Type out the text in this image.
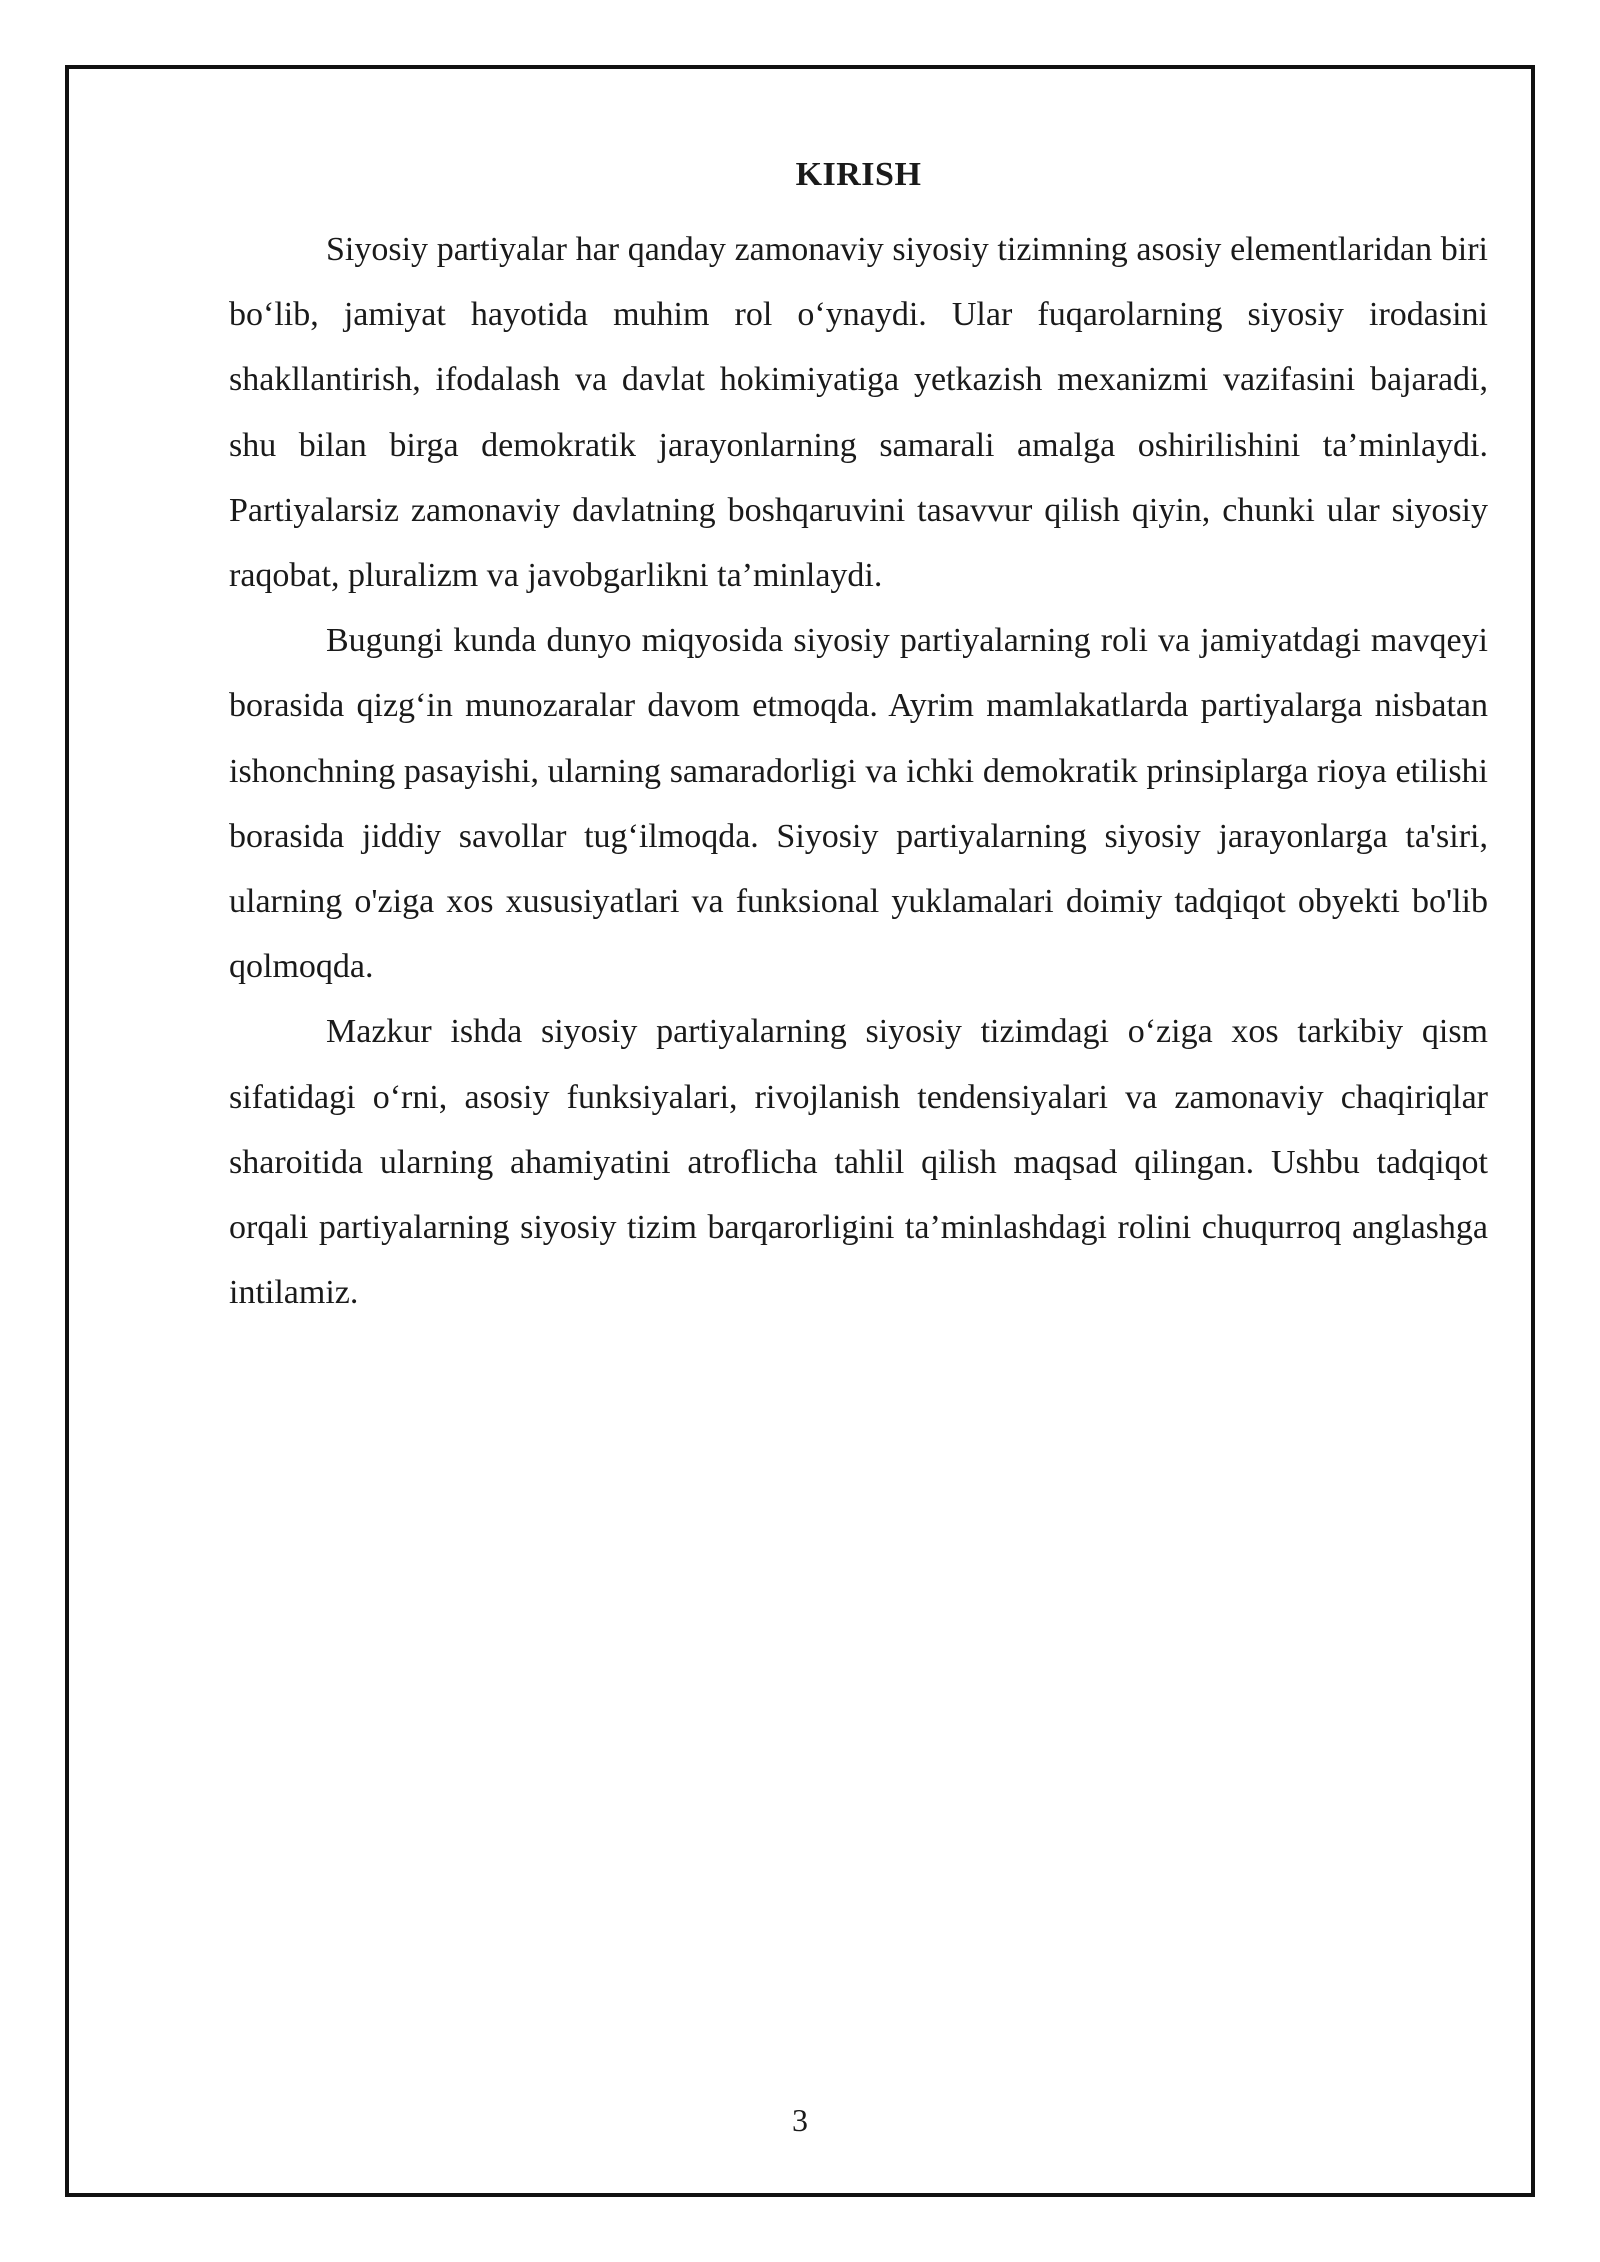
KIRISH

Siyosiy partiyalar har qanday zamonaviy siyosiy tizimning asosiy elementlaridan biri bo‘lib, jamiyat hayotida muhim rol o‘ynaydi. Ular fuqarolarning siyosiy irodasini shakllantirish, ifodalash va davlat hokimiyatiga yetkazish mexanizmi vazifasini bajaradi, shu bilan birga demokratik jarayonlarning samarali amalga oshirilishini ta’minlaydi. Partiyalarsiz zamonaviy davlatning boshqaruvini tasavvur qilish qiyin, chunki ular siyosiy raqobat, pluralizm va javobgarlikni ta’minlaydi.

Bugungi kunda dunyo miqyosida siyosiy partiyalarning roli va jamiyatdagi mavqeyi borasida qizg‘in munozaralar davom etmoqda. Ayrim mamlakatlarda partiyalarga nisbatan ishonchning pasayishi, ularning samaradorligi va ichki demokratik prinsiplarga rioya etilishi borasida jiddiy savollar tug‘ilmoqda. Siyosiy partiyalarning siyosiy jarayonlarga ta'siri, ularning o'ziga xos xususiyatlari va funksional yuklamalari doimiy tadqiqot obyekti bo'lib qolmoqda.

Mazkur ishda siyosiy partiyalarning siyosiy tizimdagi o‘ziga xos tarkibiy qism sifatidagi o‘rni, asosiy funksiyalari, rivojlanish tendensiyalari va zamonaviy chaqiriqlar sharoitida ularning ahamiyatini atroflicha tahlil qilish maqsad qilingan. Ushbu tadqiqot orqali partiyalarning siyosiy tizim barqarorligini ta’minlashdagi rolini chuqurroq anglashga intilamiz.

3
